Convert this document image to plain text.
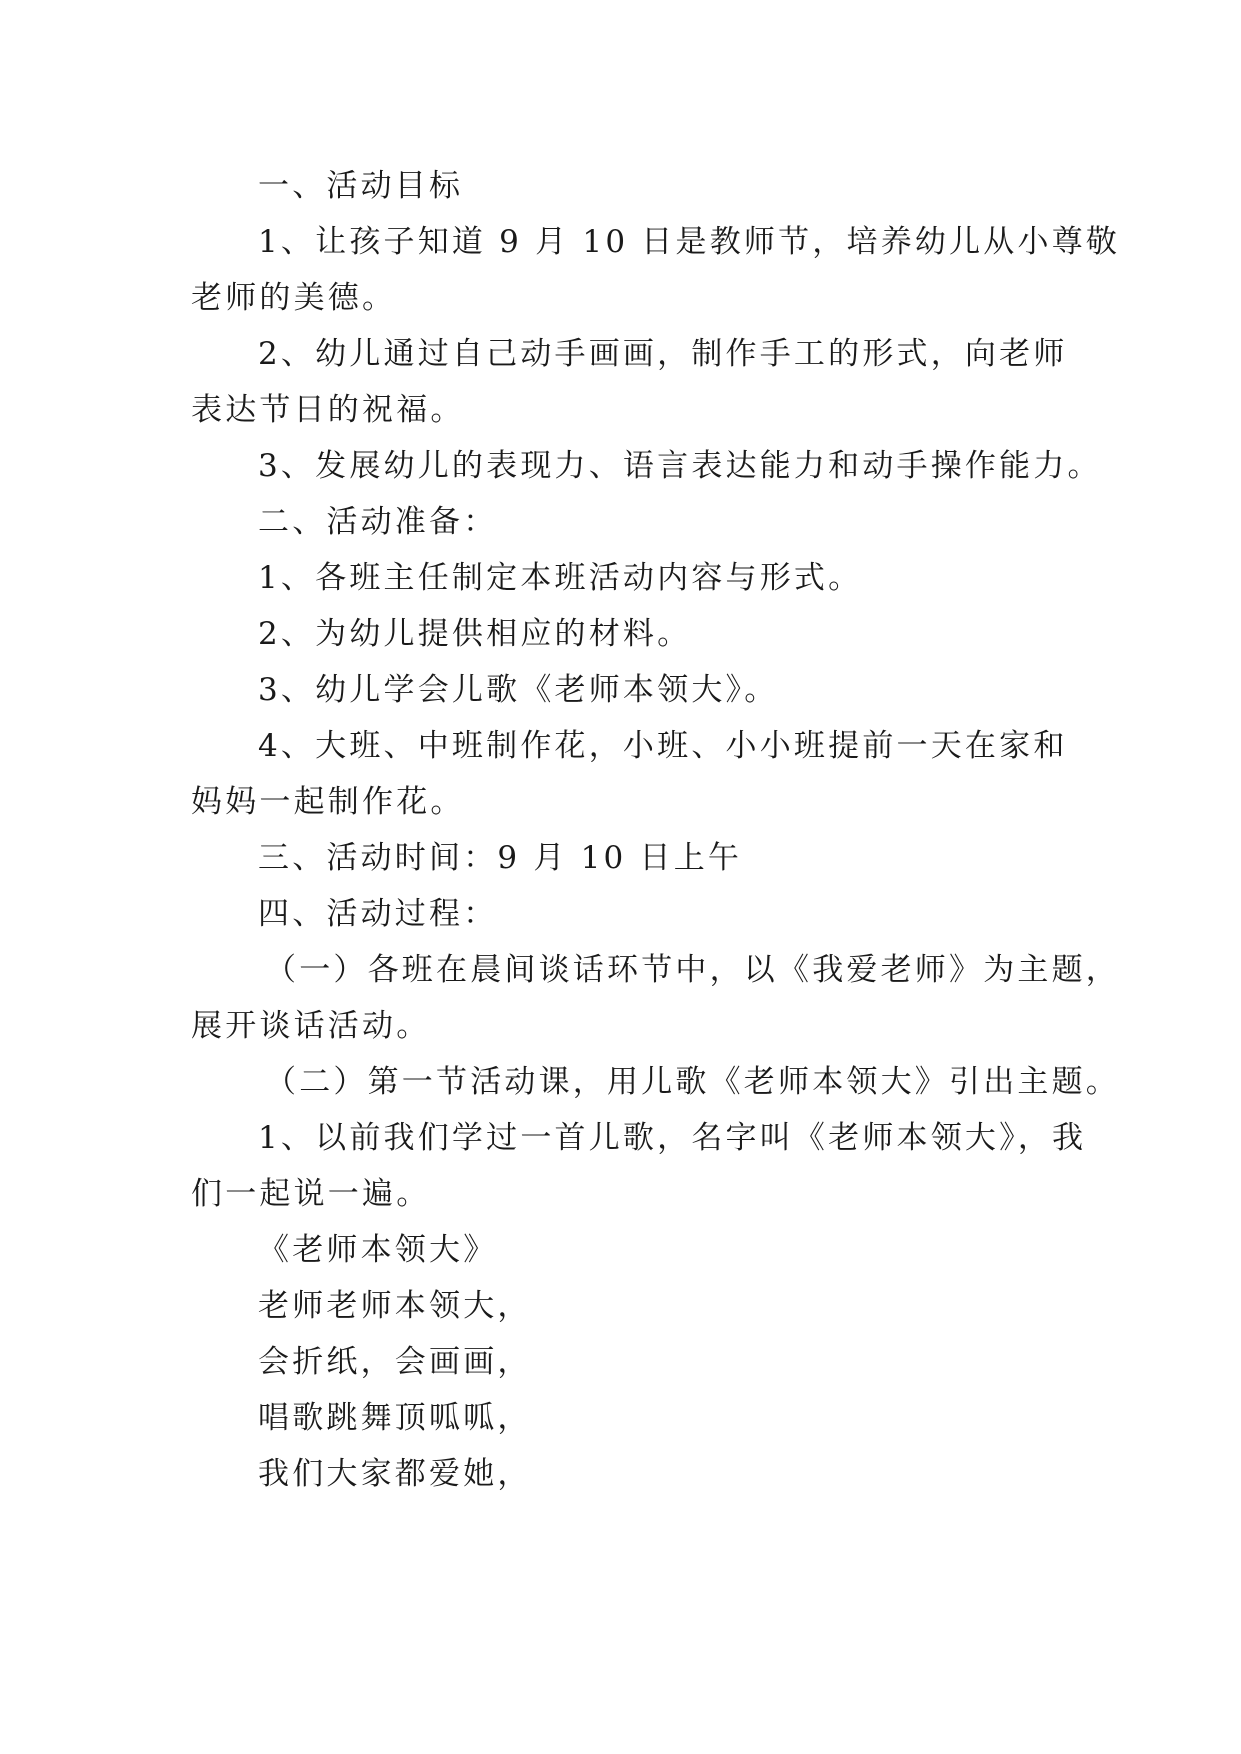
一、活动目标
1、让孩子知道 9 月 10 日是教师节，培养幼儿从小尊敬
老师的美德。
2、幼儿通过自己动手画画，制作手工的形式，向老师
表达节日的祝福。
3、发展幼儿的表现力、语言表达能力和动手操作能力。
二、活动准备：
1、各班主任制定本班活动内容与形式。
2、为幼儿提供相应的材料。
3、幼儿学会儿歌《老师本领大》。
4、大班、中班制作花，小班、小小班提前一天在家和
妈妈一起制作花。
三、活动时间：9 月 10 日上午
四、活动过程：
（一）各班在晨间谈话环节中，以《我爱老师》为主题，
展开谈话活动。
（二）第一节活动课，用儿歌《老师本领大》引出主题。
1、以前我们学过一首儿歌，名字叫《老师本领大》，我
们一起说一遍。
《老师本领大》
老师老师本领大，
会折纸，会画画，
唱歌跳舞顶呱呱，
我们大家都爱她，
